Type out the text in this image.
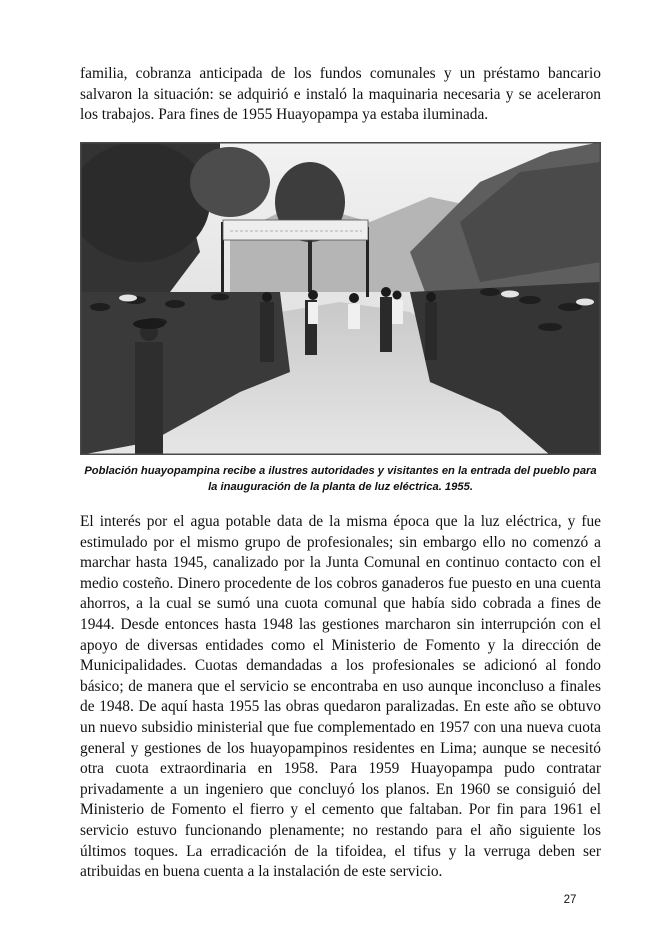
familia, cobranza anticipada de los fundos comunales y un préstamo bancario salvaron la situación: se adquirió e instaló la maquinaria necesaria y se aceleraron los trabajos. Para fines de 1955 Huayopampa ya estaba iluminada.

Población huayopampina recibe a ilustres autoridades y visitantes en la entrada del pueblo para la inauguración de la planta de luz eléctrica. 1955.

El interés por el agua potable data de la misma época que la luz eléctrica, y fue estimulado por el mismo grupo de profesionales; sin embargo ello no comenzó a marchar hasta 1945, canalizado por la Junta Comunal en continuo contacto con el medio costeño. Dinero procedente de los cobros ganaderos fue puesto en una cuenta ahorros, a la cual se sumó una cuota comunal que había sido cobrada a fines de 1944. Desde entonces hasta 1948 las gestiones marcharon sin interrupción con el apoyo de diversas entidades como el Ministerio de Fomento y la dirección de Municipalidades. Cuotas demandadas a los profesionales se adicionó al fondo básico; de manera que el servicio se encontraba en uso aunque inconcluso a finales de 1948. De aquí hasta 1955 las obras quedaron paralizadas. En este año se obtuvo un nuevo subsidio ministerial que fue complementado en 1957 con una nueva cuota general y gestiones de los huayopampinos residentes en Lima; aunque se necesitó otra cuota extraordinaria en 1958. Para 1959 Huayopampa pudo contratar privadamente a un ingeniero que concluyó los planos. En 1960 se consiguió del Ministerio de Fomento el fierro y el cemento que faltaban. Por fin para 1961 el servicio estuvo funcionando plenamente; no restando para el año siguiente los últimos toques. La erradicación de la tifoidea, el tifus y la verruga deben ser atribuidas en buena cuenta a la instalación de este servicio.

27
